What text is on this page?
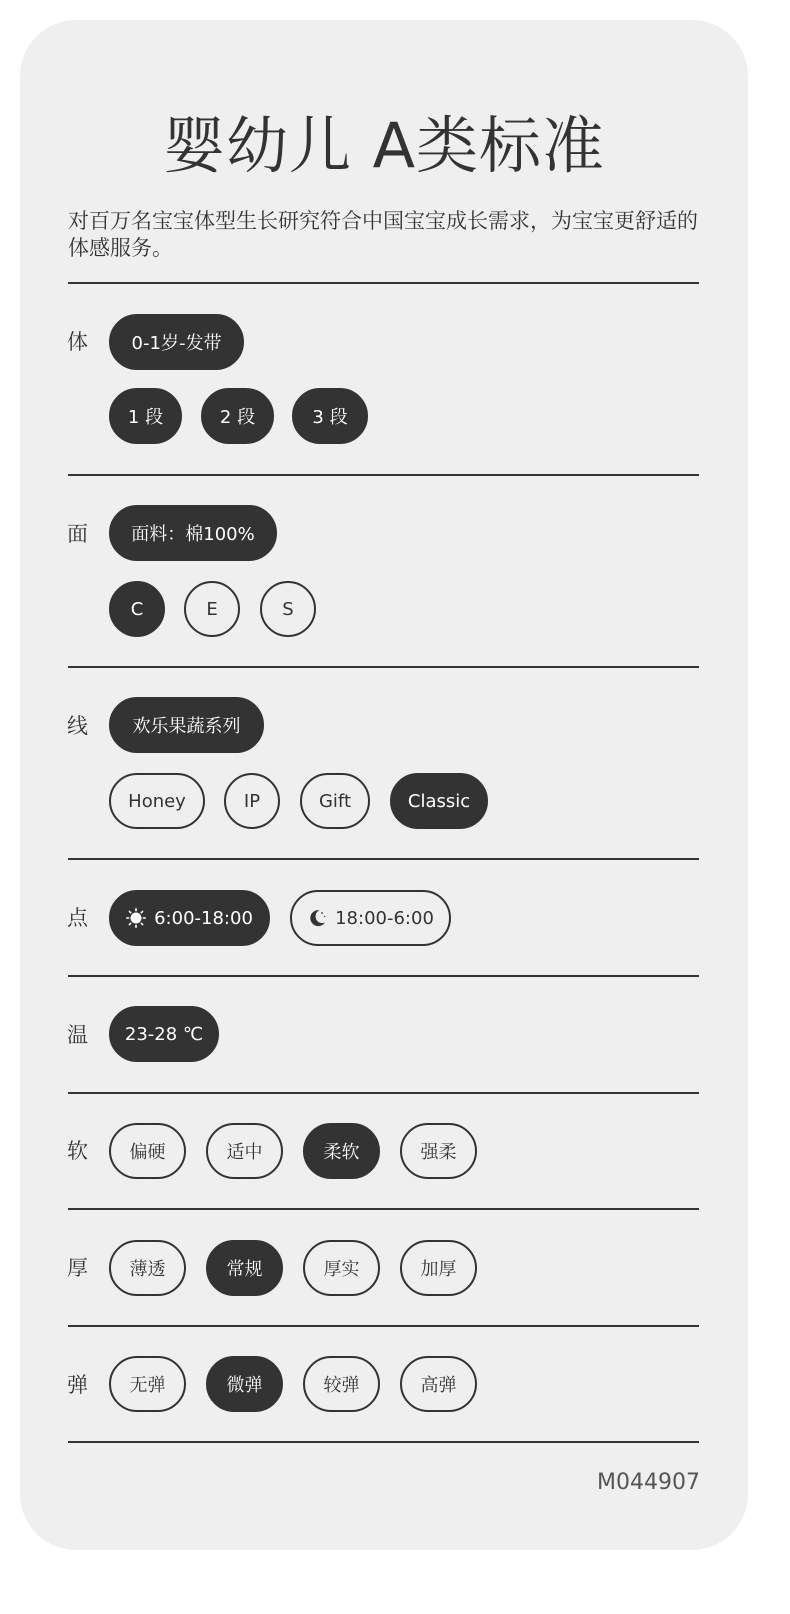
婴幼儿 A类标准
对百万名宝宝体型生长研究符合中国宝宝成长需求，为宝宝更舒适的体感服务。
体	0-1岁-发带
1 段	2 段	3 段
面	面料：棉100%
C	E	S
线	欢乐果蔬系列
Honey	IP	Gift	Classic
点	6:00-18:00	18:00-6:00
温	23-28 ℃
软	偏硬	适中	柔软	强柔
厚	薄透	常规	厚实	加厚
弹	无弹	微弹	较弹	高弹
M044907
